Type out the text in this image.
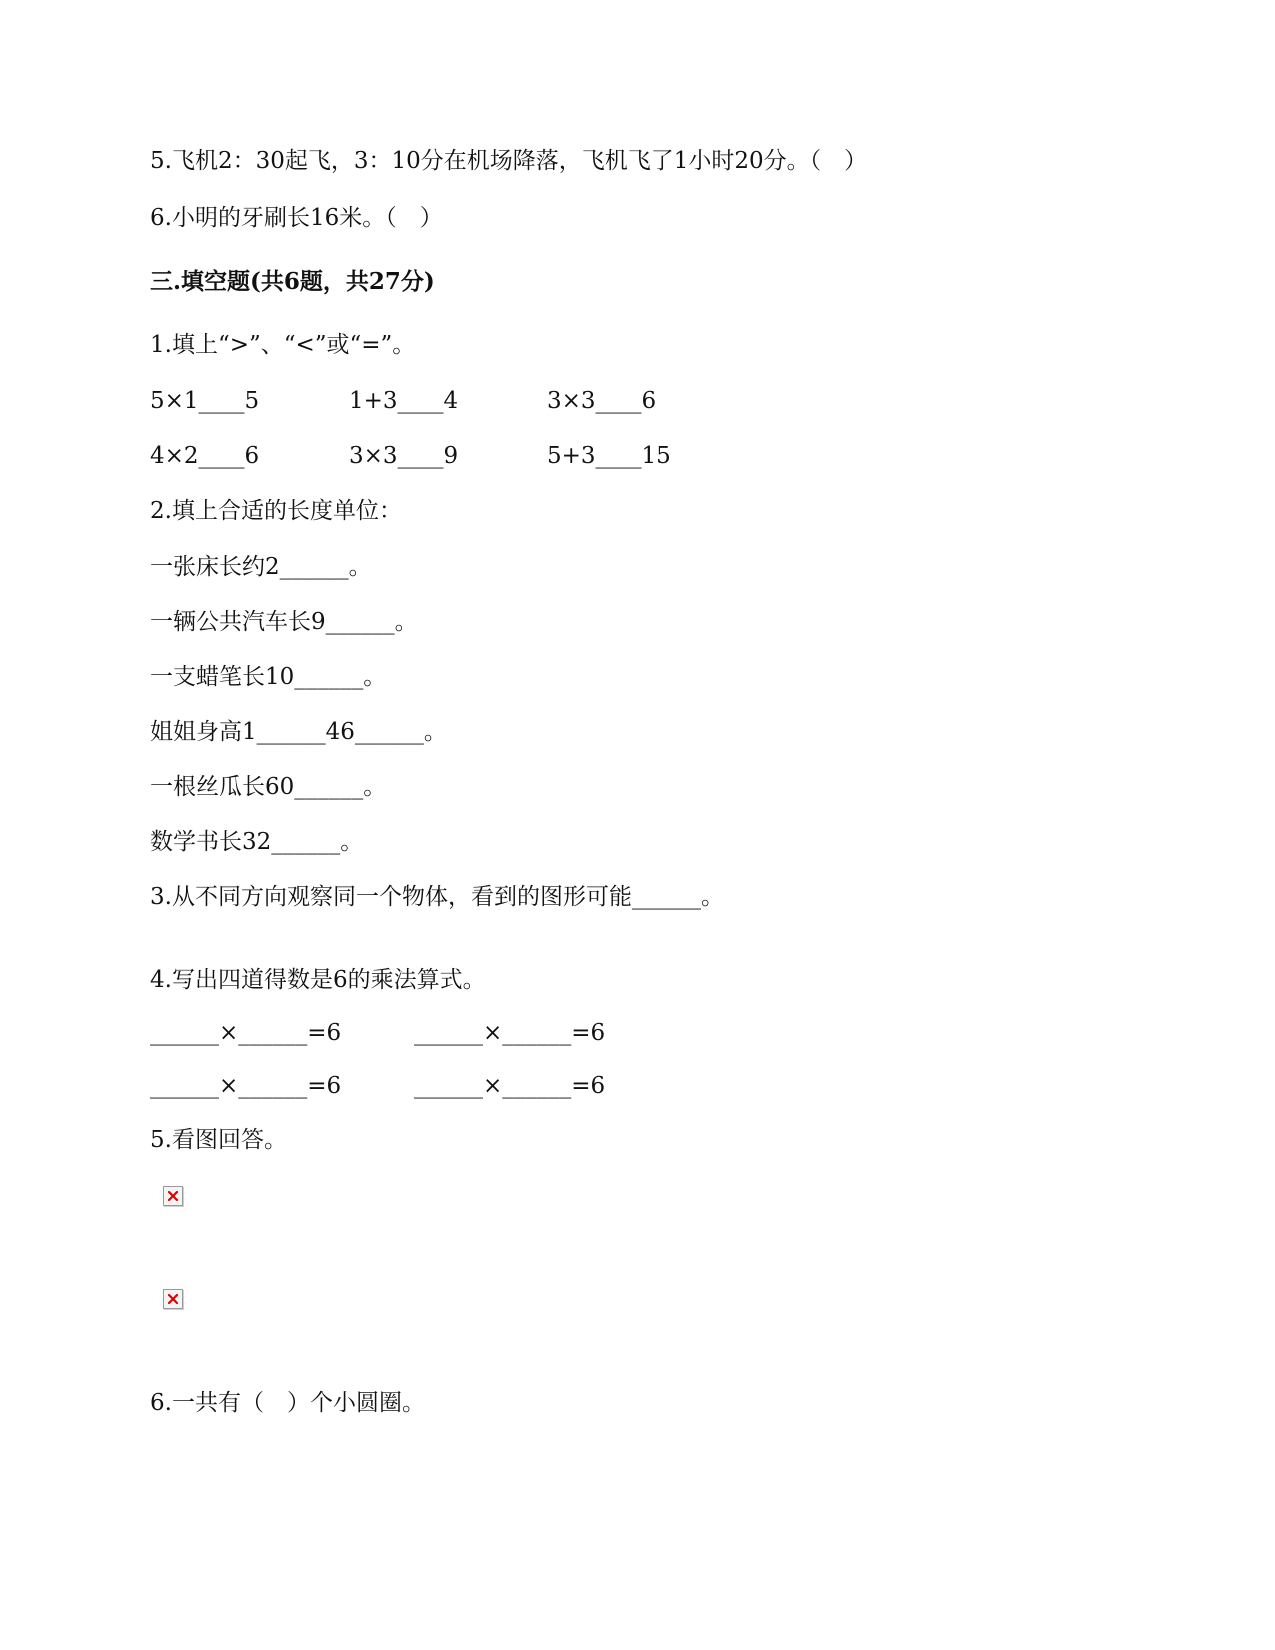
5.飞机2：30起飞，3：10分在机场降落，飞机飞了1小时20分。（　）
6.小明的牙刷长16米。（　）
三.填空题(共6题，共27分)
1.填上“>”、“<”或“=”。
5×1____5	1+3____4	3×3____6
4×2____6	3×3____9	5+3____15
2.填上合适的长度单位：
一张床长约2______。
一辆公共汽车长9______。
一支蜡笔长10______。
姐姐身高1______46______。
一根丝瓜长60______。
数学书长32______。
3.从不同方向观察同一个物体，看到的图形可能______。
4.写出四道得数是6的乘法算式。
______×______=6	______×______=6
______×______=6	______×______=6
5.看图回答。
6.一共有（　）个小圆圈。
